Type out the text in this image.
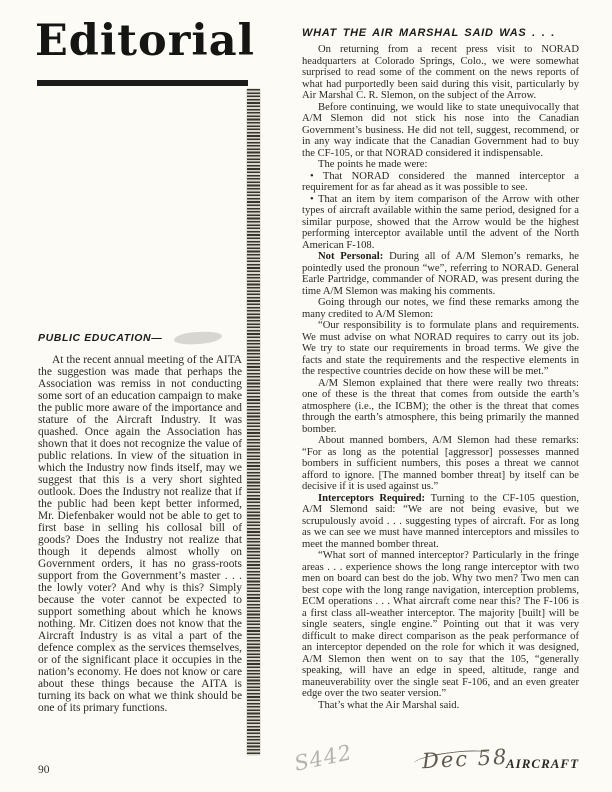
Editorial
PUBLIC EDUCATION—

At the recent annual meeting of the AITA the suggestion was made that perhaps the Association was remiss in not conducting some sort of an education campaign to make the public more aware of the importance and stature of the Aircraft Industry. It was quashed. Once again the Association has shown that it does not recognize the value of public relations. In view of the situation in which the Industry now finds itself, may we suggest that this is a very short sighted outlook. Does the Industry not realize that if the public had been kept better informed, Mr. Diefenbaker would not be able to get to first base in selling his collosal bill of goods? Does the Industry not realize that though it depends almost wholly on Government orders, it has no grass-roots support from the Government’s master . . . the lowly voter? And why is this? Simply because the voter cannot be expected to support something about which he knows nothing. Mr. Citizen does not know that the Aircraft Industry is as vital a part of the defence complex as the services themselves, or of the significant place it occupies in the nation’s economy. He does not know or care about these things because the AITA is turning its back on what we think should be one of its primary functions.

WHAT THE AIR MARSHAL SAID WAS . . .

On returning from a recent press visit to NORAD headquarters at Colorado Springs, Colo., we were somewhat surprised to read some of the comment on the news reports of what had purportedly been said during this visit, particularly by Air Marshal C. R. Slemon, on the subject of the Arrow.

Before continuing, we would like to state unequivocally that A/M Slemon did not stick his nose into the Canadian Government’s business. He did not tell, suggest, recommend, or in any way indicate that the Canadian Government had to buy the CF-105, or that NORAD considered it indispensable.

The points he made were:

• That NORAD considered the manned interceptor a requirement for as far ahead as it was possible to see.

• That an item by item comparison of the Arrow with other types of aircraft available within the same period, designed for a similar purpose, showed that the Arrow would be the highest performing interceptor available until the advent of the North American F-108.

Not Personal: During all of A/M Slemon’s remarks, he pointedly used the pronoun “we”, referring to NORAD. General Earle Partridge, commander of NORAD, was present during the time A/M Slemon was making his comments.

Going through our notes, we find these remarks among the many credited to A/M Slemon:

“Our responsibility is to formulate plans and requirements. We must advise on what NORAD requires to carry out its job. We try to state our requirements in broad terms. We give the facts and state the requirements and the respective elements in the respective countries decide on how these will be met.”

A/M Slemon explained that there were really two threats: one of these is the threat that comes from outside the earth’s atmosphere (i.e., the ICBM); the other is the threat that comes through the earth’s atmosphere, this being primarily the manned bomber.

About manned bombers, A/M Slemon had these remarks: “For as long as the potential [aggressor] possesses manned bombers in sufficient numbers, this poses a threat we cannot afford to ignore. [The manned bomber threat] by itself can be decisive if it is used against us.”

Interceptors Required: Turning to the CF-105 question, A/M Slemond said: “We are not being evasive, but we scrupulously avoid . . . suggesting types of aircraft. For as long as we can see we must have manned interceptors and missiles to meet the manned bomber threat.

“What sort of manned interceptor? Particularly in the fringe areas . . . experience shows the long range interceptor with two men on board can best do the job. Why two men? Two men can best cope with the long range navigation, interception problems, ECM operations . . . What aircraft come near this? The F-106 is a first class all-weather interceptor. The majority [built] will be single seaters, single engine.” Pointing out that it was very difficult to make direct comparison as the peak performance of an interceptor depended on the role for which it was designed, A/M Slemon then went on to say that the 105, “generally speaking, will have an edge in speed, altitude, range and maneuverability over the single seat F-106, and an even greater edge over the two seater version.”

That’s what the Air Marshal said.

90	S442	Dec 58
AIRCRAFT
